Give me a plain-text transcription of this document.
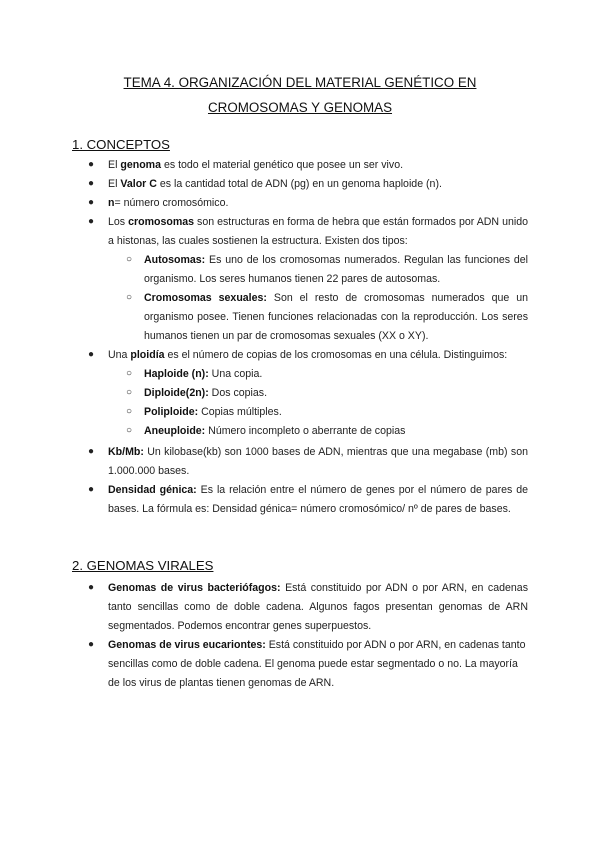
TEMA 4. ORGANIZACIÓN DEL MATERIAL GENÉTICO EN
CROMOSOMAS Y GENOMAS
1. CONCEPTOS
● El genoma es todo el material genético que posee un ser vivo.
● El Valor C es la cantidad total de ADN (pg) en un genoma haploide (n).
● n= número cromosómico.
● Los cromosomas son estructuras en forma de hebra que están formados por ADN unido a histonas, las cuales sostienen la estructura. Existen dos tipos:
○ Autosomas: Es uno de los cromosomas numerados. Regulan las funciones del organismo. Los seres humanos tienen 22 pares de autosomas.
○ Cromosomas sexuales: Son el resto de cromosomas numerados que un organismo posee. Tienen funciones relacionadas con la reproducción. Los seres humanos tienen un par de cromosomas sexuales (XX o XY).
● Una ploidía es el número de copias de los cromosomas en una célula. Distinguimos:
○ Haploide (n): Una copia.
○ Diploide(2n): Dos copias.
○ Poliploide: Copias múltiples.
○ Aneuploide: Número incompleto o aberrante de copias
● Kb/Mb: Un kilobase(kb) son 1000 bases de ADN, mientras que una megabase (mb) son 1.000.000 bases.
● Densidad génica: Es la relación entre el número de genes por el número de pares de bases. La fórmula es: Densidad génica= número cromosómico/ nº de pares de bases.
2. GENOMAS VIRALES
● Genomas de virus bacteriófagos: Está constituido por ADN o por ARN, en cadenas tanto sencillas como de doble cadena. Algunos fagos presentan genomas de ARN segmentados. Podemos encontrar genes superpuestos.
● Genomas de virus eucariontes: Está constituido por ADN o por ARN, en cadenas tanto sencillas como de doble cadena. El genoma puede estar segmentado o no. La mayoría de los virus de plantas tienen genomas de ARN.
